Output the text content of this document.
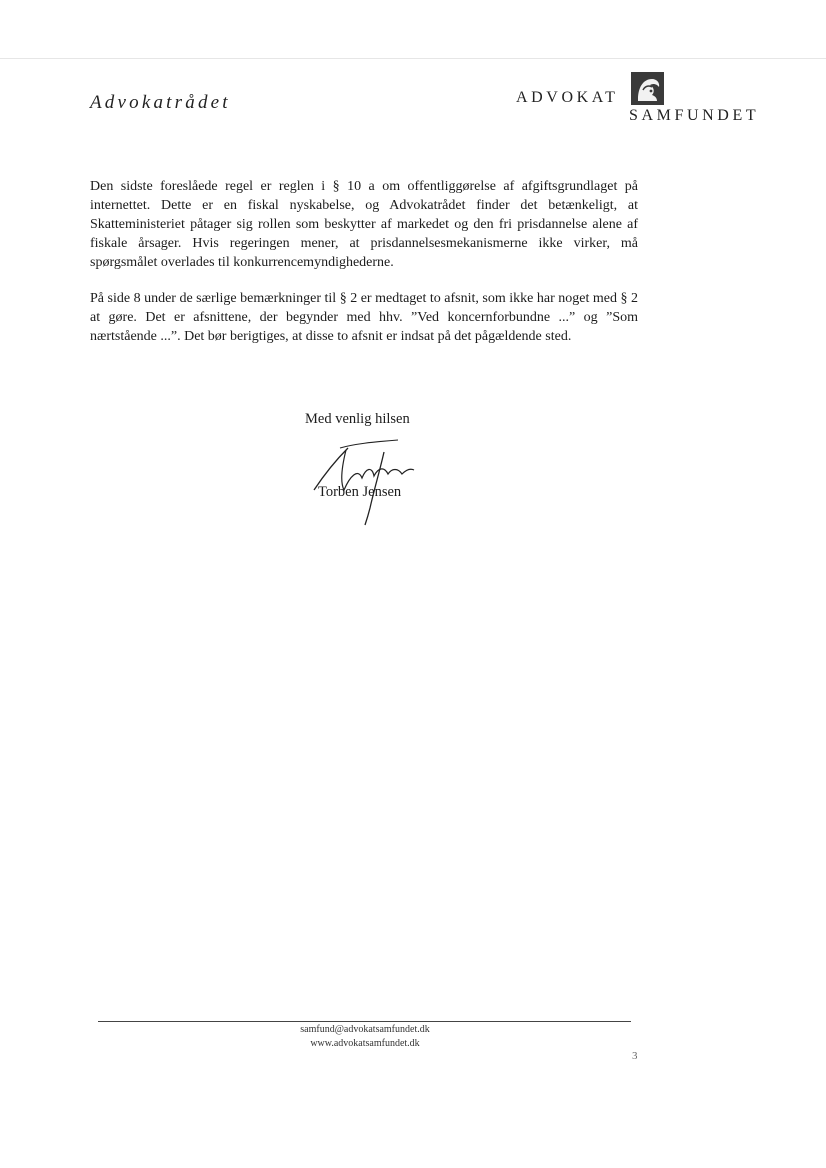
Advokatrådet	ADVOKAT
SAMFUNDET

Den sidste foreslåede regel er reglen i § 10 a om offentliggørelse af afgiftsgrundlaget på internettet. Dette er en fiskal nyskabelse, og Advokatrådet finder det betænkeligt, at Skatteministeriet påtager sig rollen som beskytter af markedet og den fri prisdannelse alene af fiskale årsager. Hvis regeringen mener, at prisdannelsesmekanismerne ikke virker, må spørgsmålet overlades til konkurrencemyndighederne.

På side 8 under de særlige bemærkninger til § 2 er medtaget to afsnit, som ikke har noget med § 2 at gøre. Det er afsnittene, der begynder med hhv. ”Ved koncernforbundne ...” og ”Som nærtstående ...”. Det bør berigtiges, at disse to afsnit er indsat på det pågældende sted.

Med venlig hilsen
Torben Jensen
samfund@advokatsamfundet.dk
www.advokatsamfundet.dk
3
